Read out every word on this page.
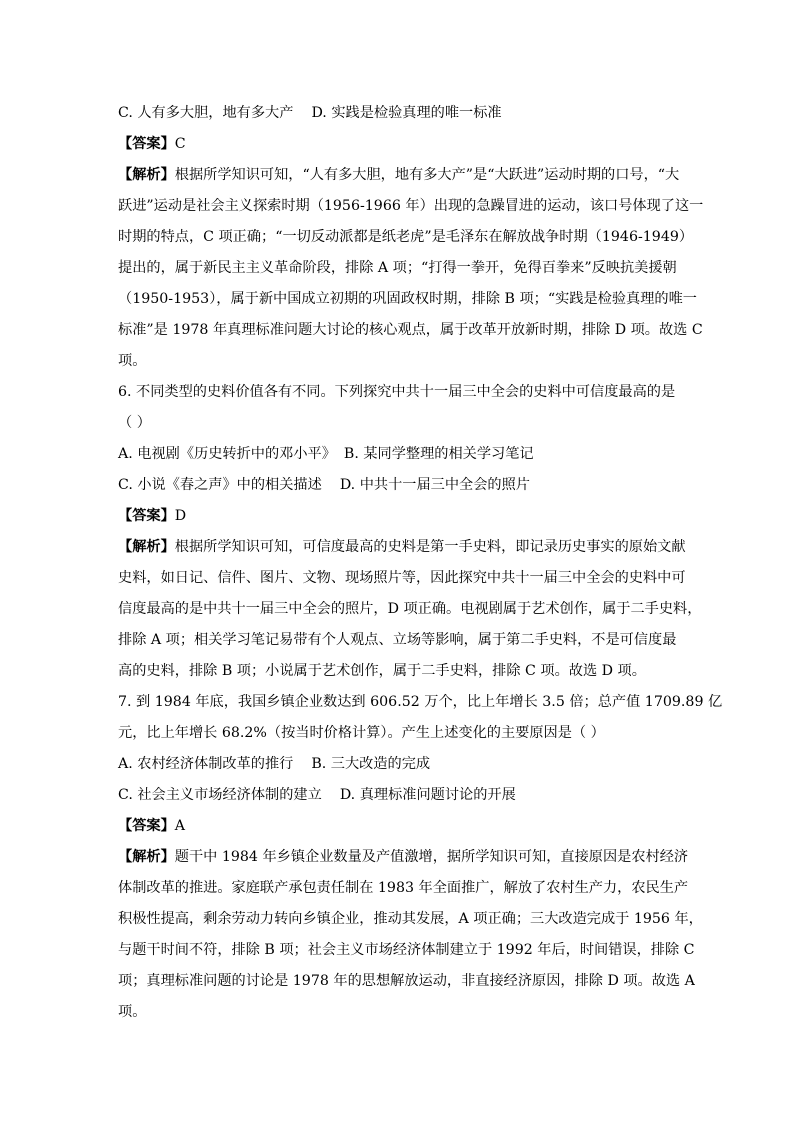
C. 人有多大胆，地有多大产 D. 实践是检验真理的唯一标准
【答案】C
【解析】根据所学知识可知，“人有多大胆，地有多大产”是“大跃进”运动时期的口号，“大
跃进”运动是社会主义探索时期（1956-1966 年）出现的急躁冒进的运动，该口号体现了这一
时期的特点，C 项正确；“一切反动派都是纸老虎”是毛泽东在解放战争时期（1946-1949）
提出的，属于新民主主义革命阶段，排除 A 项；“打得一拳开，免得百拳来”反映抗美援朝
（1950-1953），属于新中国成立初期的巩固政权时期，排除 B 项；“实践是检验真理的唯一
标准”是 1978 年真理标准问题大讨论的核心观点，属于改革开放新时期，排除 D 项。故选 C
项。
6. 不同类型的史料价值各有不同。下列探究中共十一届三中全会的史料中可信度最高的是
（ ）
A. 电视剧《历史转折中的邓小平》 B. 某同学整理的相关学习笔记
C. 小说《春之声》中的相关描述 D. 中共十一届三中全会的照片
【答案】D
【解析】根据所学知识可知，可信度最高的史料是第一手史料，即记录历史事实的原始文献
史料，如日记、信件、图片、文物、现场照片等，因此探究中共十一届三中全会的史料中可
信度最高的是中共十一届三中全会的照片，D 项正确。电视剧属于艺术创作，属于二手史料，
排除 A 项；相关学习笔记易带有个人观点、立场等影响，属于第二手史料，不是可信度最
高的史料，排除 B 项；小说属于艺术创作，属于二手史料，排除 C 项。故选 D 项。
7. 到 1984 年底，我国乡镇企业数达到 606.52 万个，比上年增长 3.5 倍；总产值 1709.89 亿
元，比上年增长 68.2%（按当时价格计算）。产生上述变化的主要原因是（ ）
A. 农村经济体制改革的推行 B. 三大改造的完成
C. 社会主义市场经济体制的建立 D. 真理标准问题讨论的开展
【答案】A
【解析】题干中 1984 年乡镇企业数量及产值激增，据所学知识可知，直接原因是农村经济
体制改革的推进。家庭联产承包责任制在 1983 年全面推广，解放了农村生产力，农民生产
积极性提高，剩余劳动力转向乡镇企业，推动其发展，A 项正确；三大改造完成于 1956 年，
与题干时间不符，排除 B 项；社会主义市场经济体制建立于 1992 年后，时间错误，排除 C
项；真理标准问题的讨论是 1978 年的思想解放运动，非直接经济原因，排除 D 项。故选 A
项。
